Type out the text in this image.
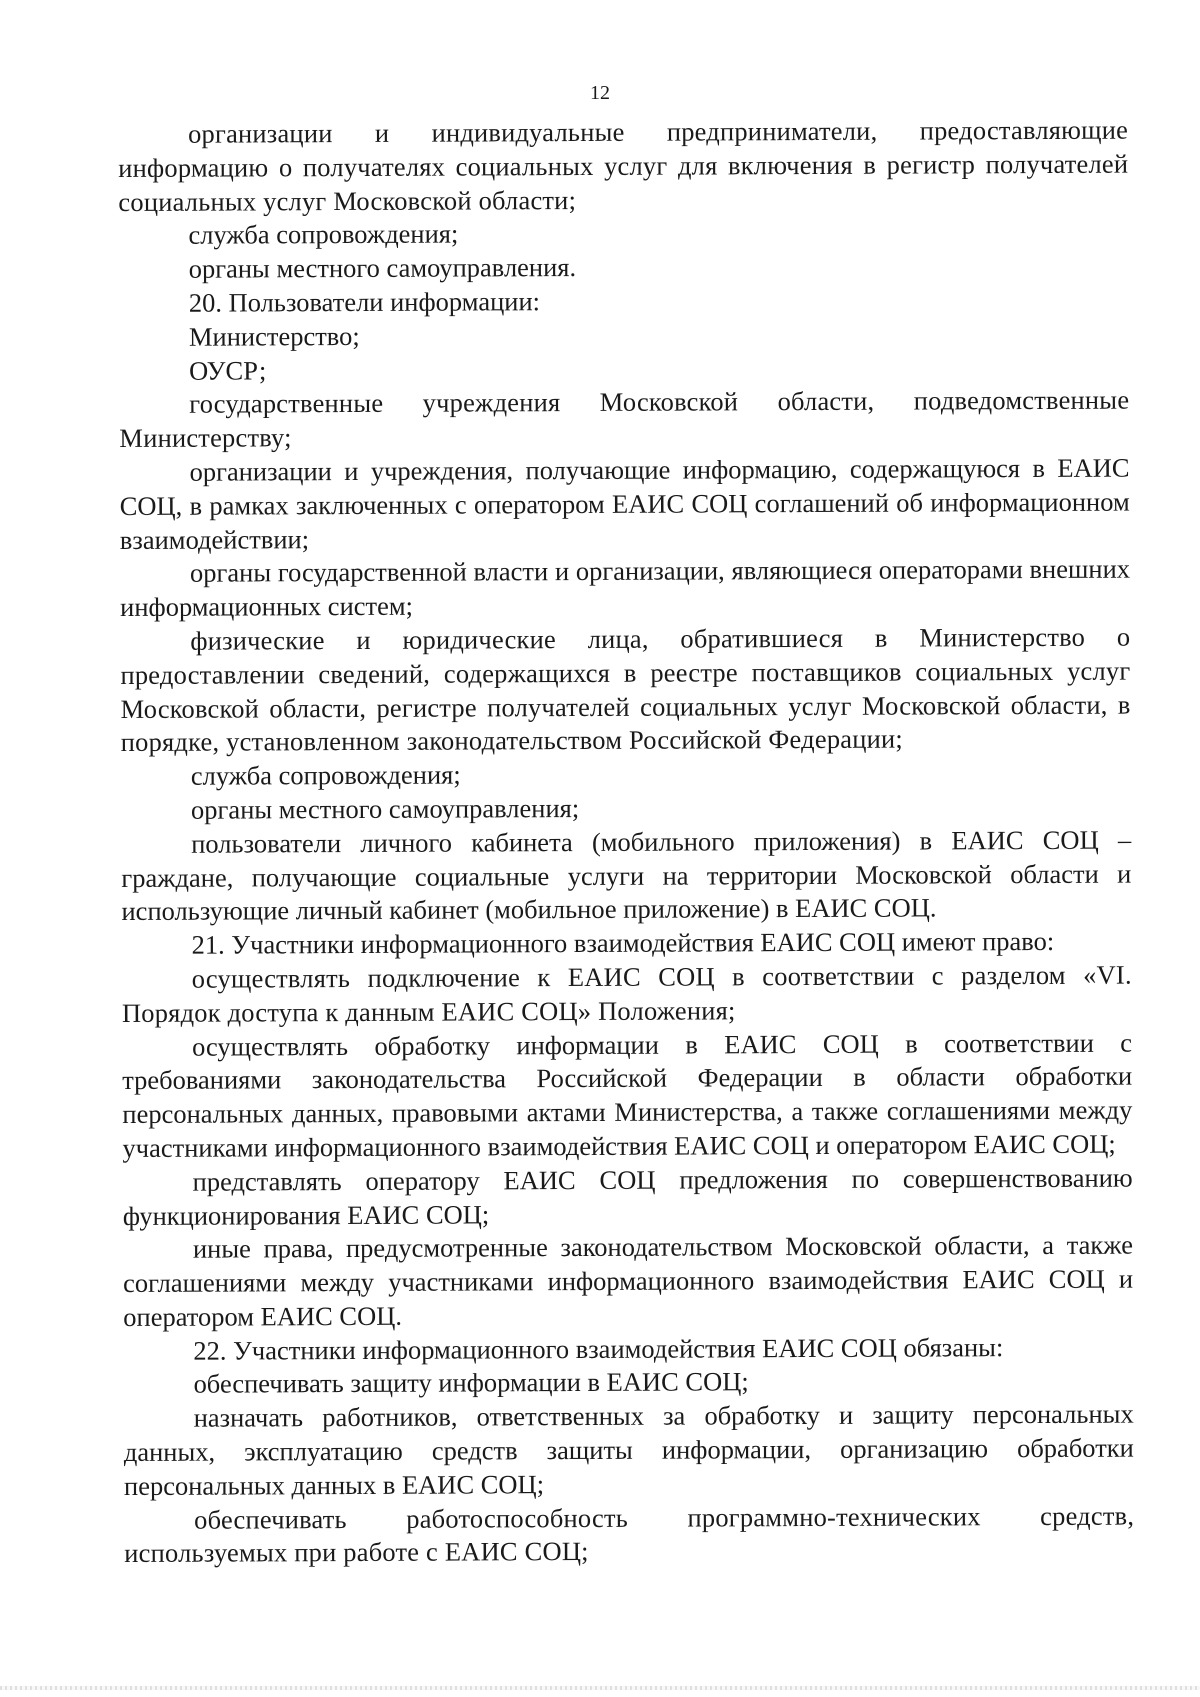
12

организации и индивидуальные предприниматели, предоставляющие информацию о получателях социальных услуг для включения в регистр получателей социальных услуг Московской области;

служба сопровождения;

органы местного самоуправления.

20. Пользователи информации:

Министерство;

ОУСР;

государственные учреждения Московской области, подведомственные Министерству;

организации и учреждения, получающие информацию, содержащуюся в ЕАИС СОЦ, в рамках заключенных с оператором ЕАИС СОЦ соглашений об информационном взаимодействии;

органы государственной власти и организации, являющиеся операторами внешних информационных систем;

физические и юридические лица, обратившиеся в Министерство о предоставлении сведений, содержащихся в реестре поставщиков социальных услуг Московской области, регистре получателей социальных услуг Московской области, в порядке, установленном законодательством Российской Федерации;

служба сопровождения;

органы местного самоуправления;

пользователи личного кабинета (мобильного приложения) в ЕАИС СОЦ – граждане, получающие социальные услуги на территории Московской области и использующие личный кабинет (мобильное приложение) в ЕАИС СОЦ.

21. Участники информационного взаимодействия ЕАИС СОЦ имеют право:

осуществлять подключение к ЕАИС СОЦ в соответствии с разделом «VI. Порядок доступа к данным ЕАИС СОЦ» Положения;

осуществлять обработку информации в ЕАИС СОЦ в соответствии с требованиями законодательства Российской Федерации в области обработки персональных данных, правовыми актами Министерства, а также соглашениями между участниками информационного взаимодействия ЕАИС СОЦ и оператором ЕАИС СОЦ;

представлять оператору ЕАИС СОЦ предложения по совершенствованию функционирования ЕАИС СОЦ;

иные права, предусмотренные законодательством Московской области, а также соглашениями между участниками информационного взаимодействия ЕАИС СОЦ и оператором ЕАИС СОЦ.

22. Участники информационного взаимодействия ЕАИС СОЦ обязаны:

обеспечивать защиту информации в ЕАИС СОЦ;

назначать работников, ответственных за обработку и защиту персональных данных, эксплуатацию средств защиты информации, организацию обработки персональных данных в ЕАИС СОЦ;

обеспечивать работоспособность программно-технических средств, используемых при работе с ЕАИС СОЦ;
